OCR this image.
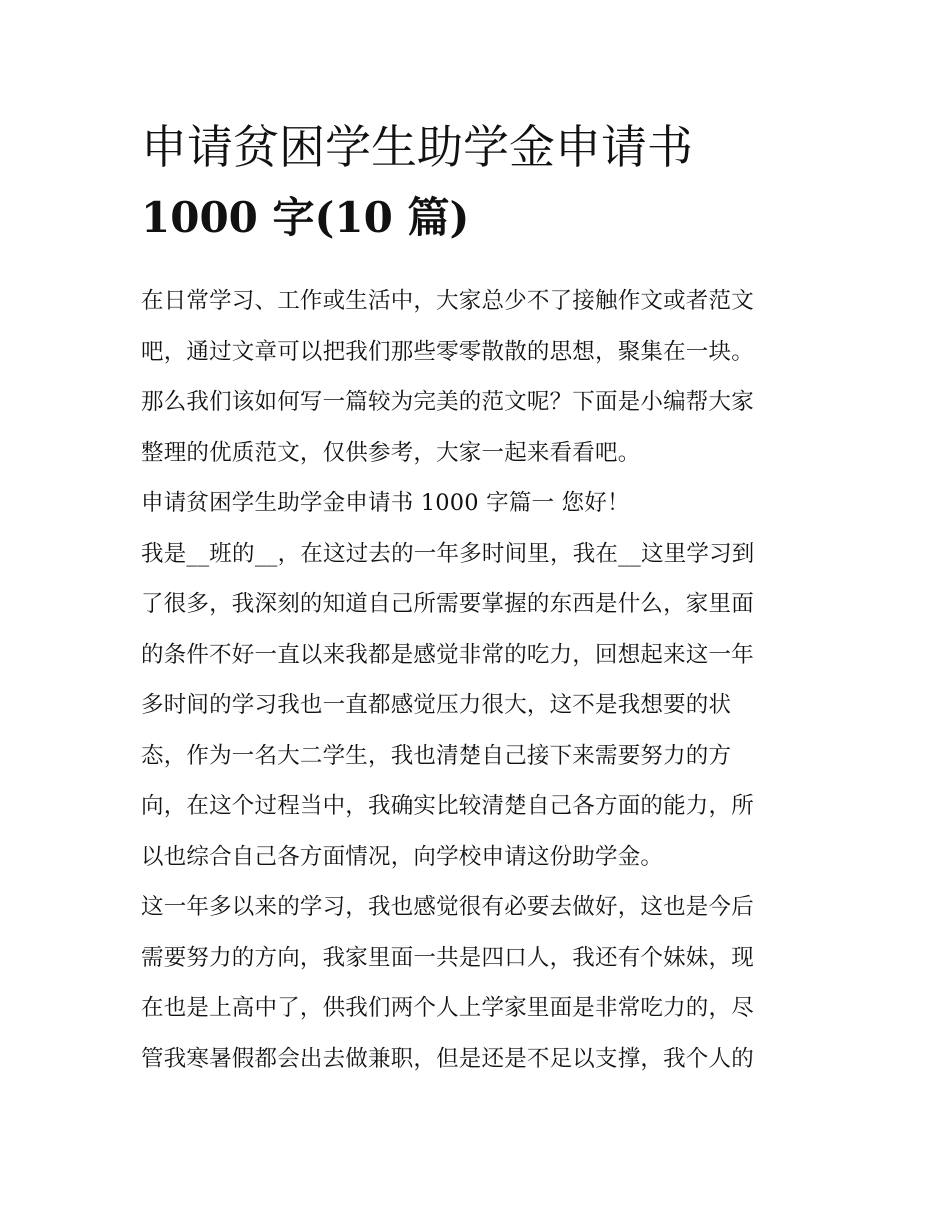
申请贫困学生助学金申请书
1000 字(10 篇)
在日常学习、工作或生活中，大家总少不了接触作文或者范文
吧，通过文章可以把我们那些零零散散的思想，聚集在一块。
那么我们该如何写一篇较为完美的范文呢？下面是小编帮大家
整理的优质范文，仅供参考，大家一起来看看吧。
申请贫困学生助学金申请书 1000 字篇一 您好！
我是__班的__，在这过去的一年多时间里，我在__这里学习到
了很多，我深刻的知道自己所需要掌握的东西是什么，家里面
的条件不好一直以来我都是感觉非常的吃力，回想起来这一年
多时间的学习我也一直都感觉压力很大，这不是我想要的状
态，作为一名大二学生，我也清楚自己接下来需要努力的方
向，在这个过程当中，我确实比较清楚自己各方面的能力，所
以也综合自己各方面情况，向学校申请这份助学金。
这一年多以来的学习，我也感觉很有必要去做好，这也是今后
需要努力的方向，我家里面一共是四口人，我还有个妹妹，现
在也是上高中了，供我们两个人上学家里面是非常吃力的，尽
管我寒暑假都会出去做兼职，但是还是不足以支撑，我个人的
